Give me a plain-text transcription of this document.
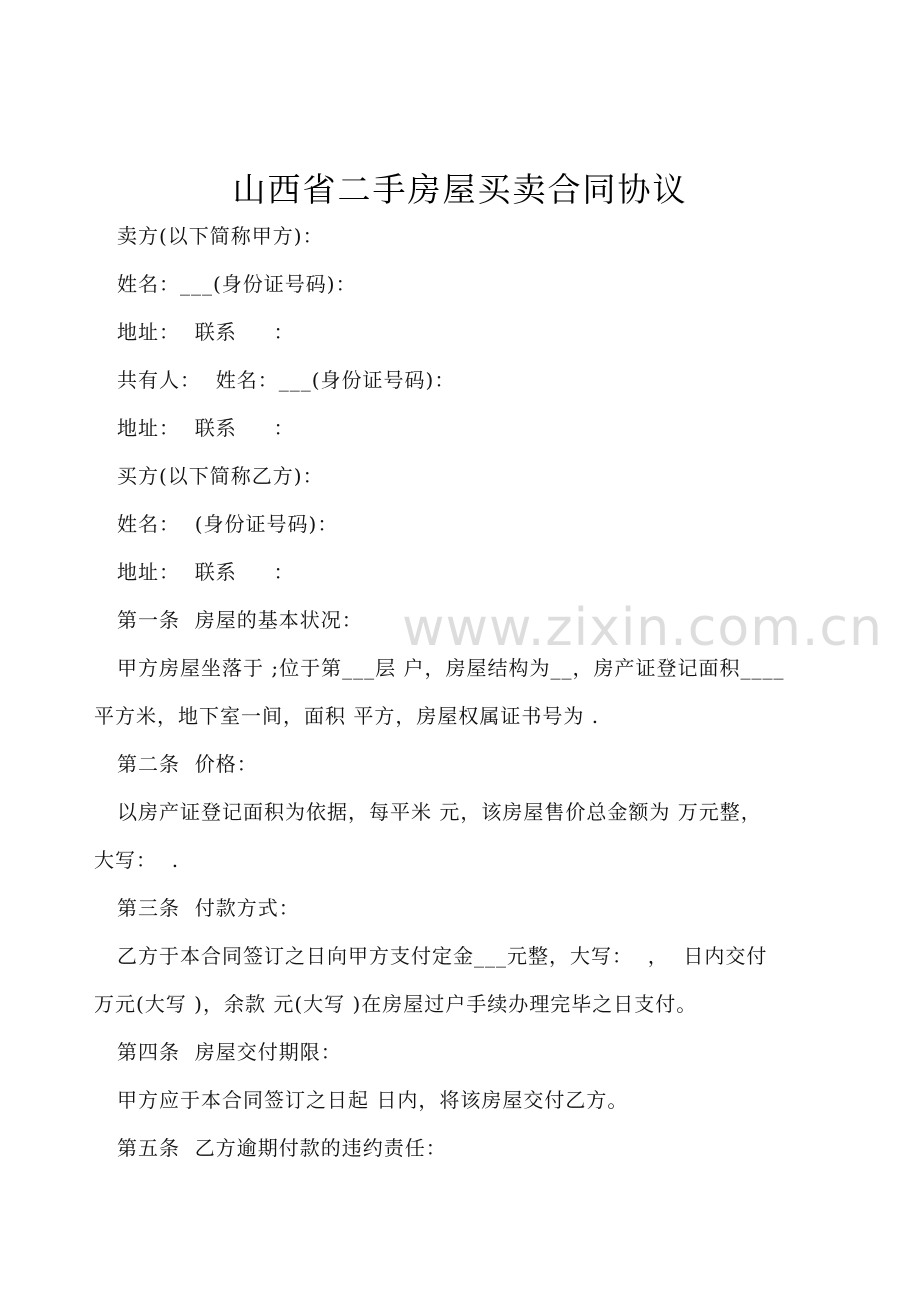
山西省二手房屋买卖合同协议
www.zixin.com.cn
卖方(以下简称甲方)：
姓名：___(身份证号码)：
地址：  联系     ：
共有人：  姓名：___(身份证号码)：
地址：  联系     ：
买方(以下简称乙方)：
姓名：  (身份证号码)：
地址：  联系     ：
第一条  房屋的基本状况：
甲方房屋坐落于 ;位于第___层 户，房屋结构为__，房产证登记面积____
平方米，地下室一间，面积 平方，房屋权属证书号为 .
第二条  价格：
以房产证登记面积为依据，每平米 元，该房屋售价总金额为 万元整，
大写：  .
第三条  付款方式：
乙方于本合同签订之日向甲方支付定金___元整，大写：  ，  日内交付
万元(大写 )，余款 元(大写 )在房屋过户手续办理完毕之日支付。
第四条  房屋交付期限：
甲方应于本合同签订之日起 日内，将该房屋交付乙方。
第五条  乙方逾期付款的违约责任：
